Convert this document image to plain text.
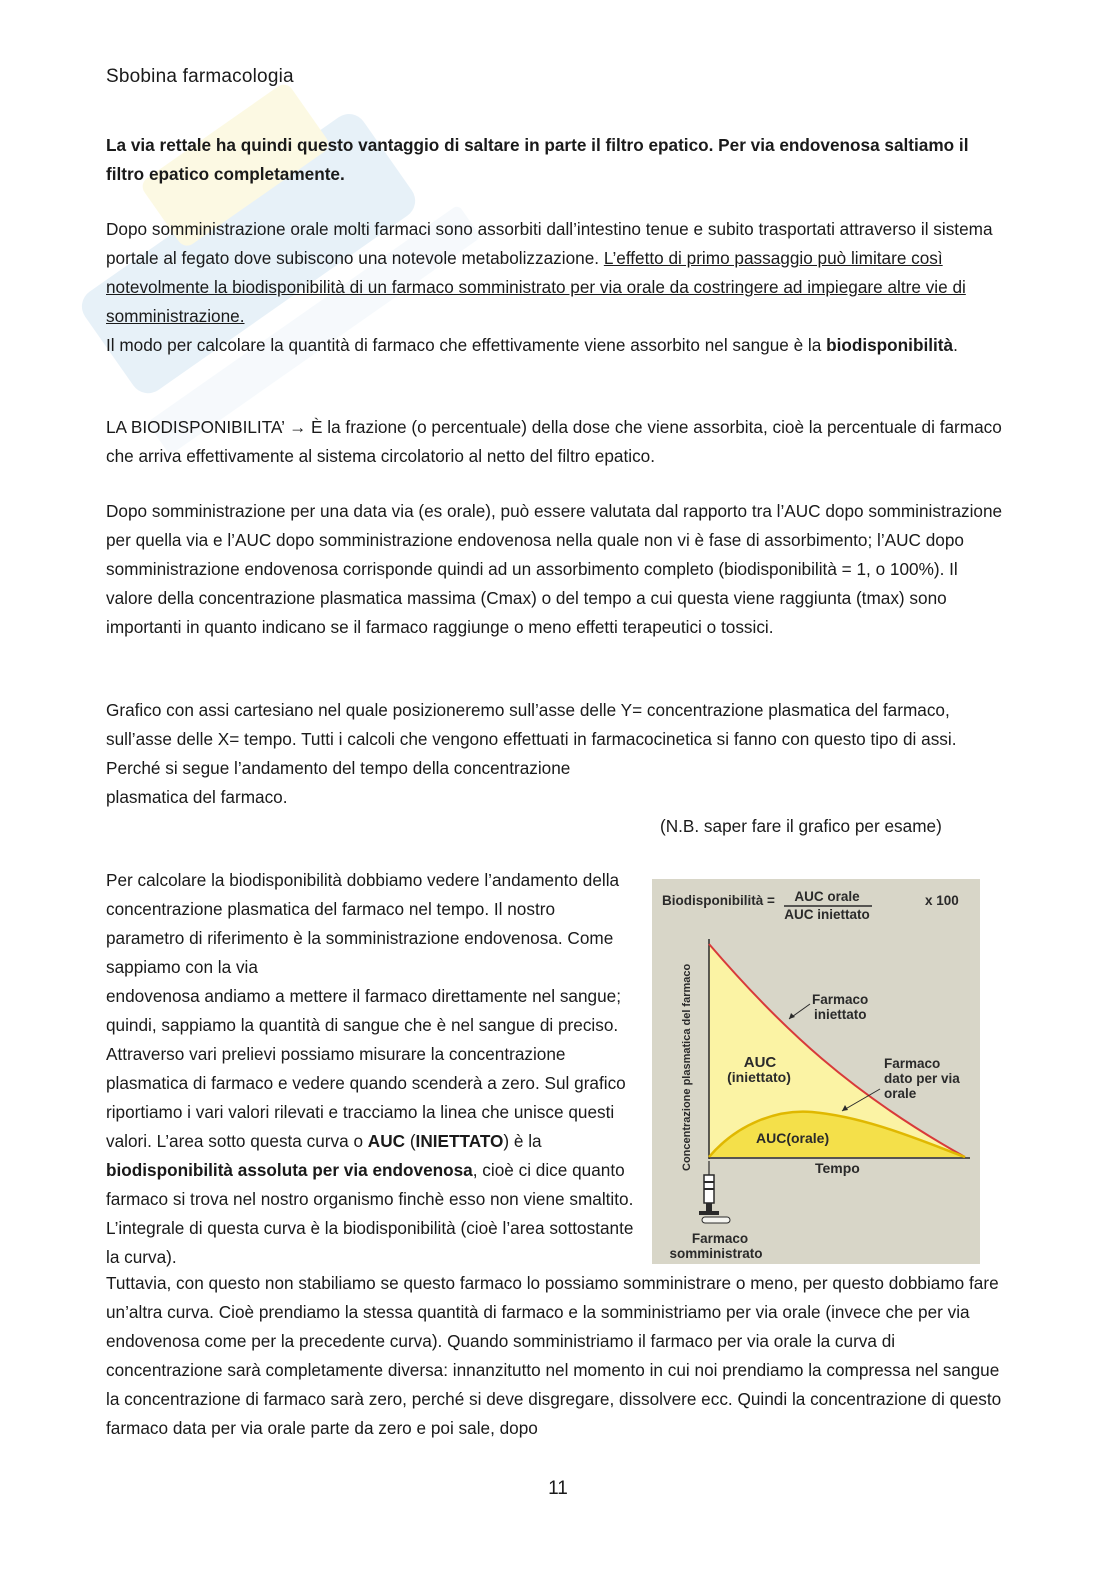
Sbobina farmacologia

La via rettale ha quindi questo vantaggio di saltare in parte il filtro epatico. Per via endovenosa saltiamo il filtro epatico completamente.

Dopo somministrazione orale molti farmaci sono assorbiti dall’intestino tenue e subito trasportati attraverso il sistema portale al fegato dove subiscono una notevole metabolizzazione. L’effetto di primo passaggio può limitare così notevolmente la biodisponibilità di un farmaco somministrato per via orale da costringere ad impiegare altre vie di somministrazione.
Il modo per calcolare la quantità di farmaco che effettivamente viene assorbito nel sangue è la biodisponibilità.

LA BIODISPONIBILITA’ → È la frazione (o percentuale) della dose che viene assorbita, cioè la percentuale di farmaco che arriva effettivamente al sistema circolatorio al netto del filtro epatico.

Dopo somministrazione per una data via (es orale), può essere valutata dal rapporto tra l’AUC dopo somministrazione per quella via e l’AUC dopo somministrazione endovenosa nella quale non vi è fase di assorbimento; l’AUC dopo somministrazione endovenosa corrisponde quindi ad un assorbimento completo (biodisponibilità = 1, o 100%). Il valore della concentrazione plasmatica massima (Cmax) o del tempo a cui questa viene raggiunta (tmax) sono importanti in quanto indicano se il farmaco raggiunge o meno effetti terapeutici o tossici.

Grafico con assi cartesiano nel quale posizioneremo sull’asse delle Y= concentrazione plasmatica del farmaco, sull’asse delle X= tempo. Tutti i calcoli che vengono effettuati in farmacocinetica si fanno con questo tipo di assi. Perché si segue l’andamento del tempo della concentrazione
plasmatica del farmaco.

(N.B. saper fare il grafico per esame)

Per calcolare la biodisponibilità dobbiamo vedere l’andamento della concentrazione plasmatica del farmaco nel tempo. Il nostro parametro di riferimento è la somministrazione endovenosa. Come sappiamo con la via
endovenosa andiamo a mettere il farmaco direttamente nel sangue; quindi, sappiamo la quantità di sangue che è nel sangue di preciso. Attraverso vari prelievi possiamo misurare la concentrazione plasmatica di farmaco e vedere quando scenderà a zero. Sul grafico riportiamo i vari valori rilevati e tracciamo la linea che unisce questi valori. L’area sotto questa curva o AUC (INIETTATO) è la biodisponibilità assoluta per via endovenosa, cioè ci dice quanto farmaco si trova nel nostro organismo finchè esso non viene smaltito. L’integrale di questa curva è la biodisponibilità (cioè l’area sottostante la curva).

Biodisponibilità = AUC orale
AUC iniettato
x 100
Concentrazione plasmatica del farmaco	Farmaco
iniettato
Farmaco
dato per via
orale
AUC
(iniettato)
AUC(orale)
Tempo
Farmaco
somministrato

Tuttavia, con questo non stabiliamo se questo farmaco lo possiamo somministrare o meno, per questo dobbiamo fare un’altra curva. Cioè prendiamo la stessa quantità di farmaco e la somministriamo per via orale (invece che per via endovenosa come per la precedente curva). Quando somministriamo il farmaco per via orale la curva di concentrazione sarà completamente diversa: innanzitutto nel momento in cui noi prendiamo la compressa nel sangue la concentrazione di farmaco sarà zero, perché si deve disgregare, dissolvere ecc. Quindi la concentrazione di questo farmaco data per via orale parte da zero e poi sale, dopo

11
